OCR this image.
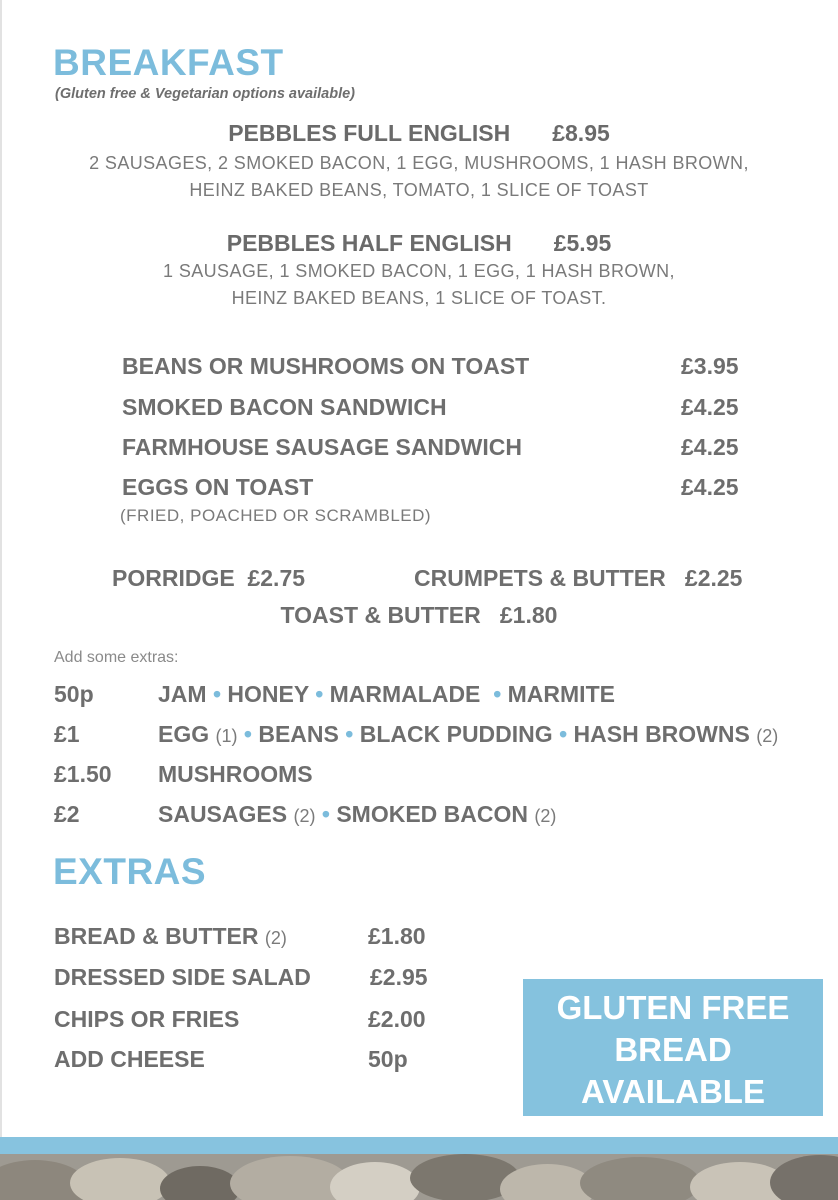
BREAKFAST
(Gluten free & Vegetarian options available)
PEBBLES FULL ENGLISH £8.95
2 SAUSAGES, 2 SMOKED BACON, 1 EGG, MUSHROOMS, 1 HASH BROWN,
HEINZ BAKED BEANS, TOMATO, 1 SLICE OF TOAST
PEBBLES HALF ENGLISH £5.95
1 SAUSAGE, 1 SMOKED BACON, 1 EGG, 1 HASH BROWN,
HEINZ BAKED BEANS, 1 SLICE OF TOAST.
BEANS OR MUSHROOMS ON TOAST	£3.95
SMOKED BACON SANDWICH	£4.25
FARMHOUSE SAUSAGE SANDWICH	£4.25
EGGS ON TOAST	£4.25
(FRIED, POACHED OR SCRAMBLED)
PORRIDGE £2.75	CRUMPETS & BUTTER £2.25
TOAST & BUTTER £1.80
Add some extras:
50p	JAM • HONEY • MARMALADE • MARMITE
£1	EGG (1) • BEANS • BLACK PUDDING • HASH BROWNS (2)
£1.50 MUSHROOMS
£2	SAUSAGES (2) • SMOKED BACON (2)
EXTRAS
BREAD & BUTTER (2)	£1.80
DRESSED SIDE SALAD	£2.95
CHIPS OR FRIES	£2.00
ADD CHEESE	50p
GLUTEN FREE
BREAD
AVAILABLE
